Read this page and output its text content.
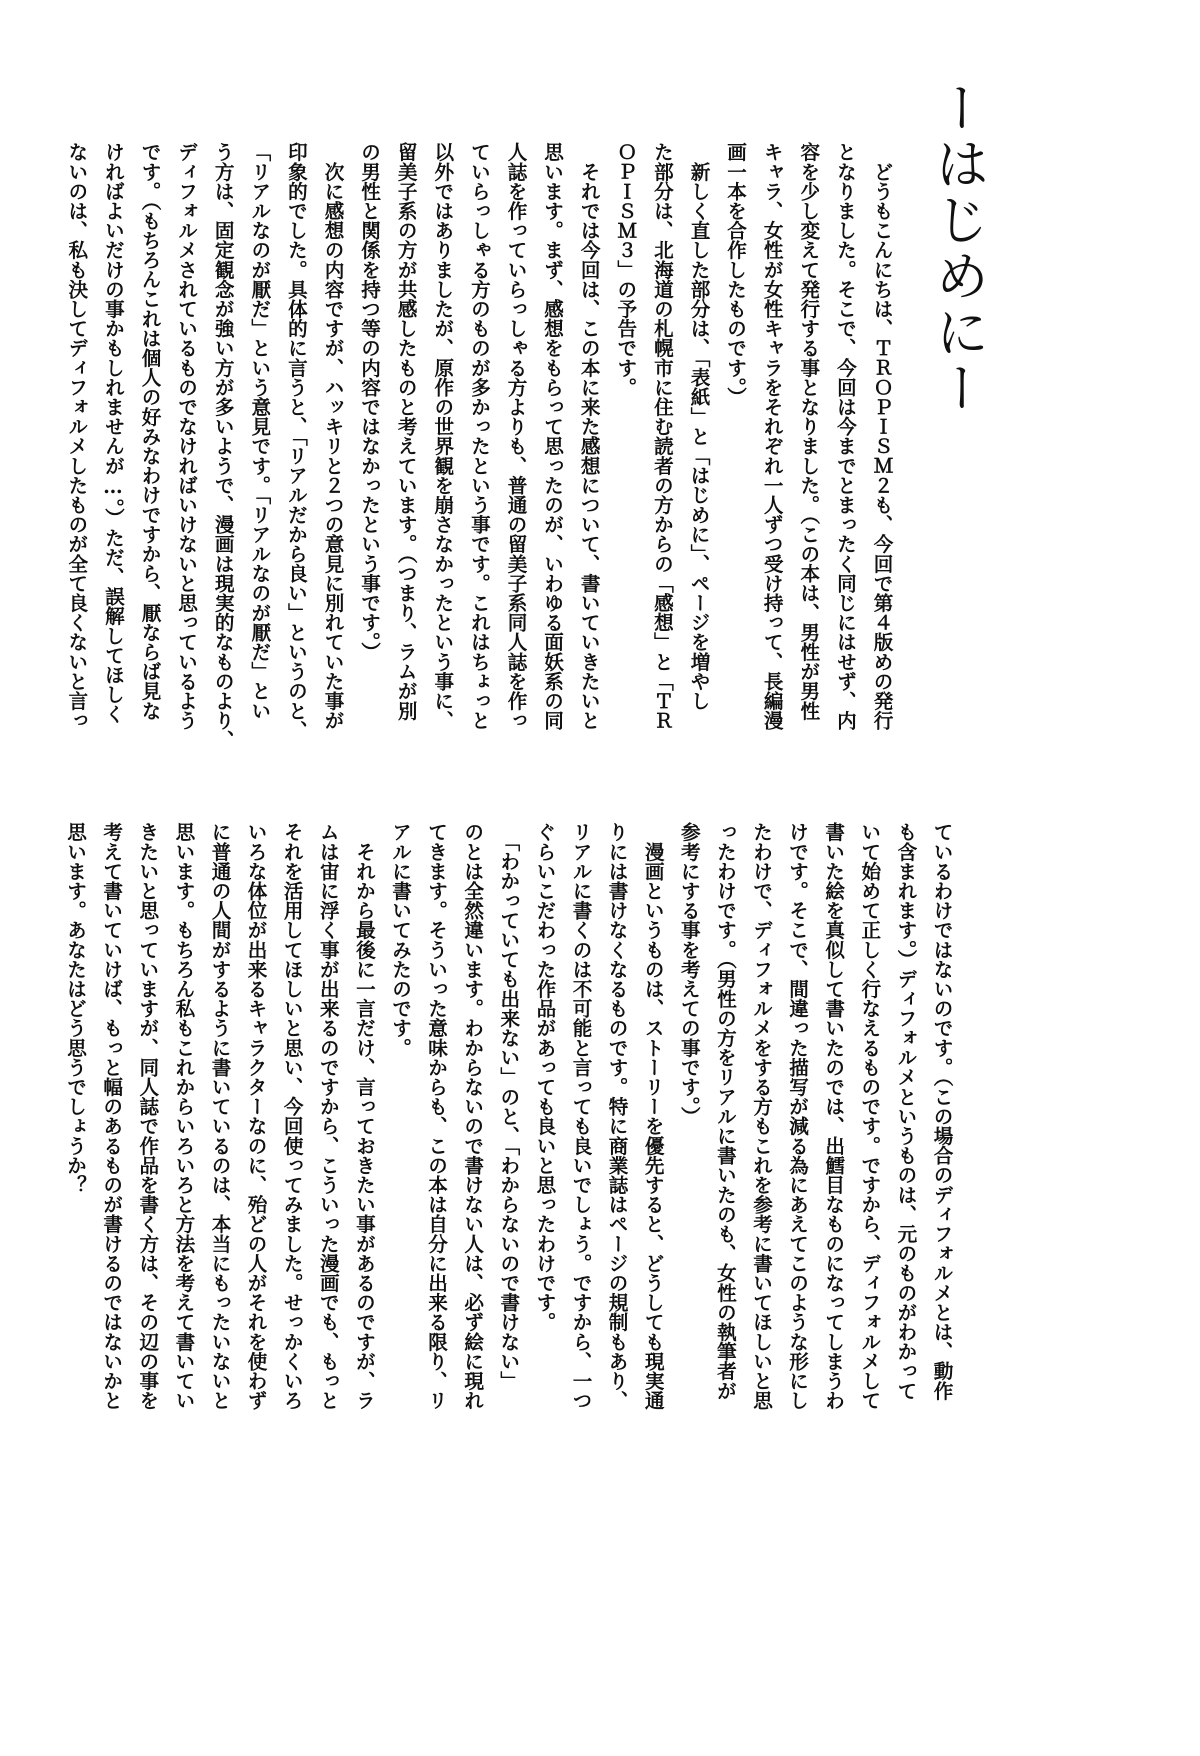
ーはじめにー
　どうもこんにちは、ＴＲＯＰＩＳＭ２も、今回で第４版めの発行
となりました。そこで、今回は今までとまったく同じにはせず、内
容を少し変えて発行する事となりました。（この本は、男性が男性
キャラ、女性が女性キャラをそれぞれ一人ずつ受け持って、長編漫
画一本を合作したものです。）
　新しく直した部分は、「表紙」と「はじめに」、ページを増やし
た部分は、北海道の札幌市に住む読者の方からの「感想」と「ＴＲ
ＯＰＩＳＭ３」の予告です。
　それでは今回は、この本に来た感想について、書いていきたいと
思います。まず、感想をもらって思ったのが、いわゆる面妖系の同
人誌を作っていらっしゃる方よりも、普通の留美子系同人誌を作っ
ていらっしゃる方のものが多かったという事です。これはちょっと
以外ではありましたが、原作の世界観を崩さなかったという事に、
留美子系の方が共感したものと考えています。（つまり、ラムが別
の男性と関係を持つ等の内容ではなかったという事です。）
　次に感想の内容ですが、ハッキリと２つの意見に別れていた事が
印象的でした。具体的に言うと、「リアルだから良い」というのと、
「リアルなのが厭だ」という意見です。「リアルなのが厭だ」とい
う方は、固定観念が強い方が多いようで、漫画は現実的なものより、
ディフォルメされているものでなければいけないと思っているよう
です。（もちろんこれは個人の好みなわけですから、厭ならば見な
ければよいだけの事かもしれませんが…。）ただ、誤解してほしく
ないのは、私も決してディフォルメしたものが全て良くないと言っ
ているわけではないのです。（この場合のディフォルメとは、動作
も含まれます。）ディフォルメというものは、元のものがわかって
いて始めて正しく行なえるものです。ですから、ディフォルメして
書いた絵を真似して書いたのでは、出鱈目なものになってしまうわ
けです。そこで、間違った描写が減る為にあえてこのような形にし
たわけで、ディフォルメをする方もこれを参考に書いてほしいと思
ったわけです。（男性の方をリアルに書いたのも、女性の執筆者が
参考にする事を考えての事です。）
　漫画というものは、ストーリーを優先すると、どうしても現実通
りには書けなくなるものです。特に商業誌はページの規制もあり、
リアルに書くのは不可能と言っても良いでしょう。ですから、一つ
ぐらいこだわった作品があっても良いと思ったわけです。
　「わかっていても出来ない」のと、「わからないので書けない」
のとは全然違います。わからないので書けない人は、必ず絵に現れ
てきます。そういった意味からも、この本は自分に出来る限り、リ
アルに書いてみたのです。
　それから最後に一言だけ、言っておきたい事があるのですが、ラ
ムは宙に浮く事が出来るのですから、こういった漫画でも、もっと
それを活用してほしいと思い、今回使ってみました。せっかくいろ
いろな体位が出来るキャラクターなのに、殆どの人がそれを使わず
に普通の人間がするように書いているのは、本当にもったいないと
思います。もちろん私もこれからいろいろと方法を考えて書いてい
きたいと思っていますが、同人誌で作品を書く方は、その辺の事を
考えて書いていけば、もっと幅のあるものが書けるのではないかと
思います。あなたはどう思うでしょうか？
